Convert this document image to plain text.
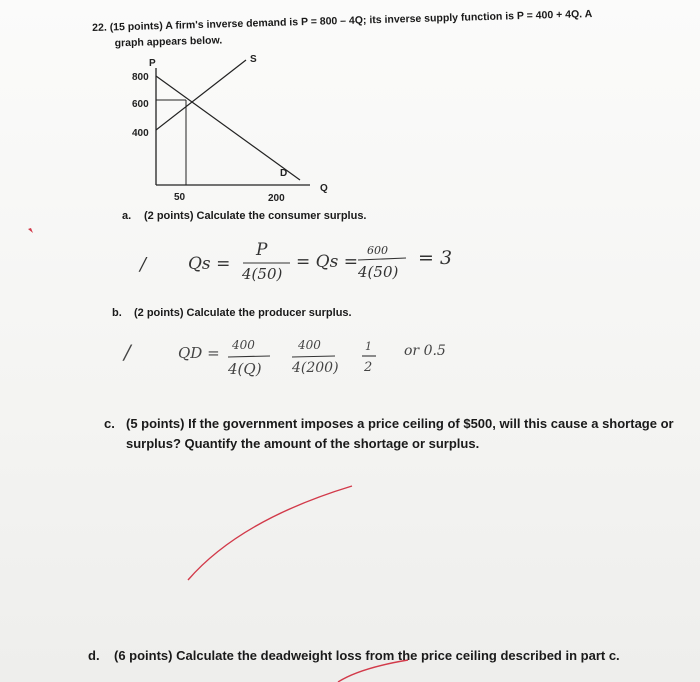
22. (15 points) A firm's inverse demand is P = 800 – 4Q; its inverse supply function is P = 400 + 4Q. A
graph appears below.
P	S
D
Q
800
600
400
50	200
a. (2 points) Calculate the consumer surplus.
/ Qs =
P
4(50)
= Qs =
600
4(50)
= 3
b. (2 points) Calculate the producer surplus.
/	QD = 400
4(Q)
400
4(200)
1
2
or 0.5
c. (5 points) If the government imposes a price ceiling of $500, will this cause a shortage or
surplus? Quantify the amount of the shortage or surplus.
d. (6 points) Calculate the deadweight loss from the price ceiling described in part c.
